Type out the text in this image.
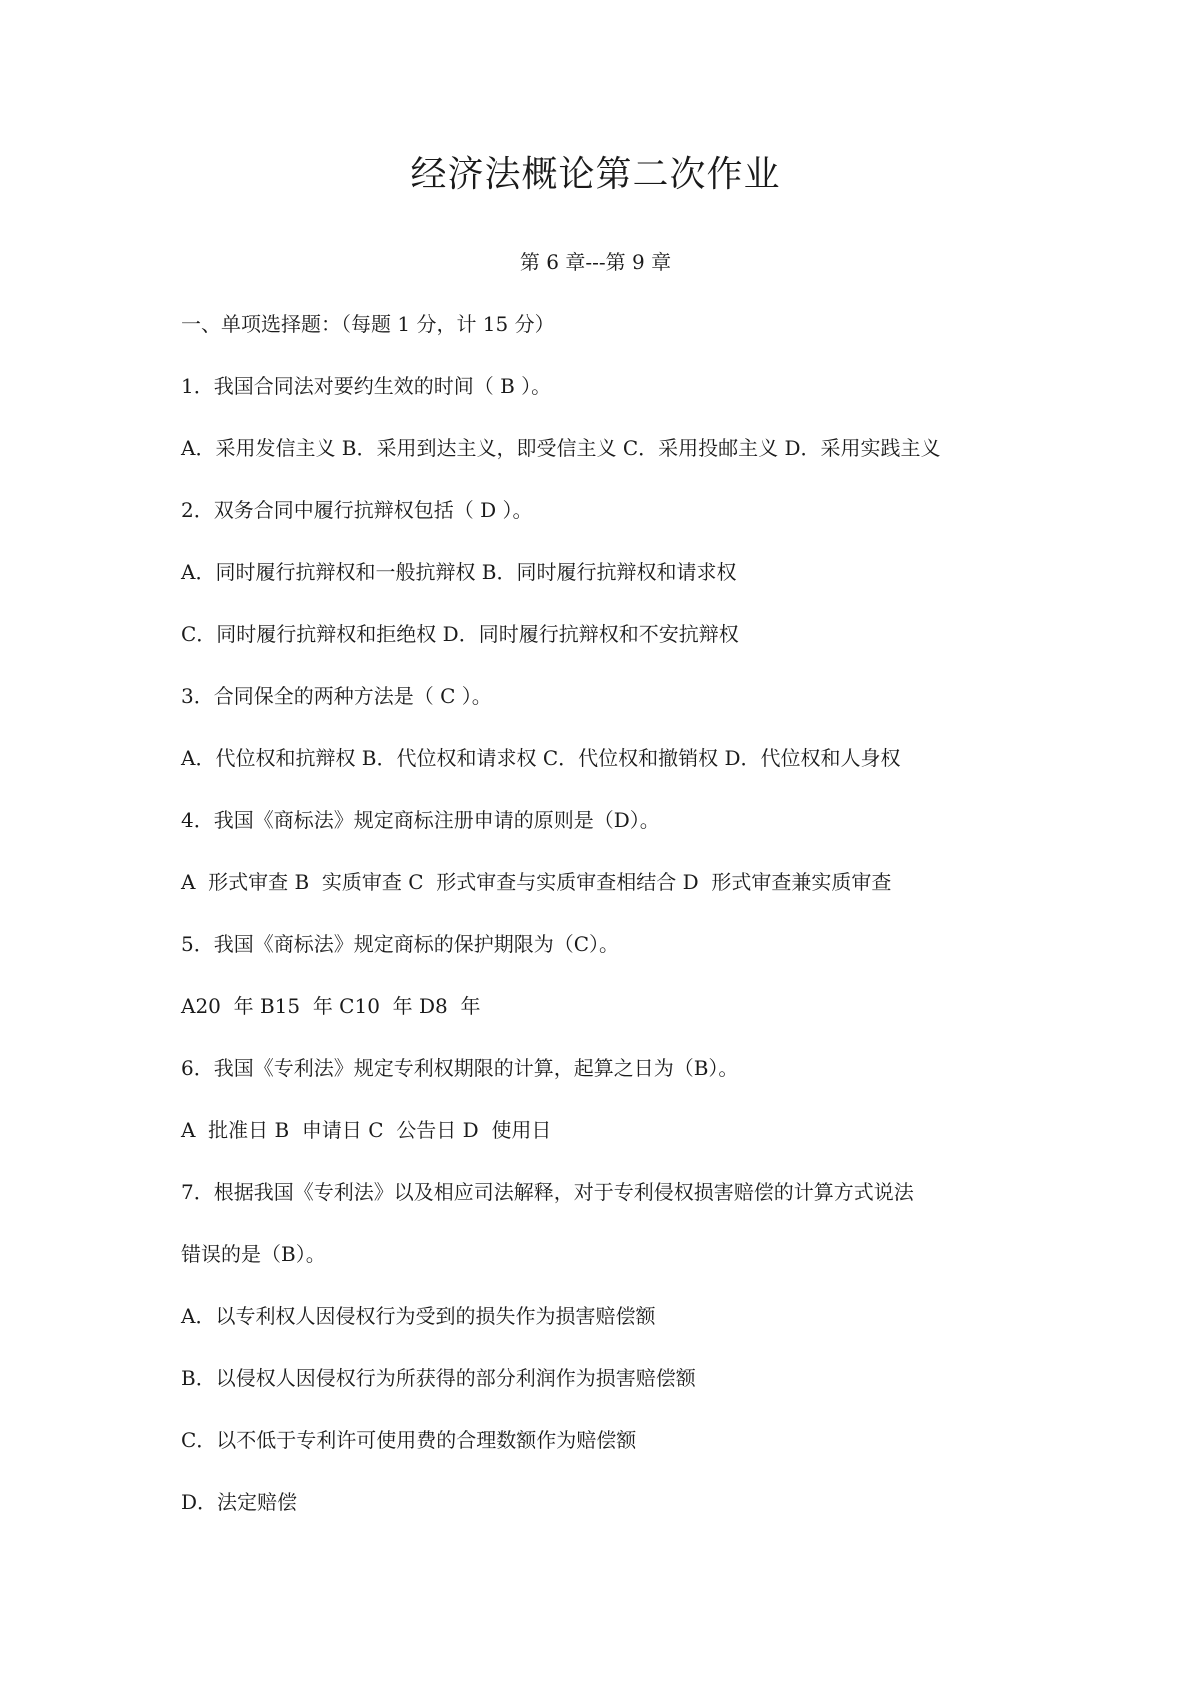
经济法概论第二次作业
第 6 章---第 9 章
一、单项选择题：（每题 1 分，计 15 分）
1．我国合同法对要约生效的时间（ B ）。
A．采用发信主义 B．采用到达主义，即受信主义 C．采用投邮主义 D．采用实践主义
2．双务合同中履行抗辩权包括（ D ）。
A．同时履行抗辩权和一般抗辩权 B．同时履行抗辩权和请求权
C．同时履行抗辩权和拒绝权 D．同时履行抗辩权和不安抗辩权
3．合同保全的两种方法是（ C ）。
A．代位权和抗辩权 B．代位权和请求权 C．代位权和撤销权 D．代位权和人身权
4．我国《商标法》规定商标注册申请的原则是（D）。
A  形式审查 B  实质审查 C  形式审查与实质审查相结合 D  形式审查兼实质审查
5．我国《商标法》规定商标的保护期限为（C）。
A20  年 B15  年 C10  年 D8  年
6．我国《专利法》规定专利权期限的计算，起算之日为（B）。
A  批准日 B  申请日 C  公告日 D  使用日
7．根据我国《专利法》以及相应司法解释，对于专利侵权损害赔偿的计算方式说法
错误的是（B）。
A．以专利权人因侵权行为受到的损失作为损害赔偿额
B．以侵权人因侵权行为所获得的部分利润作为损害赔偿额
C．以不低于专利许可使用费的合理数额作为赔偿额
D．法定赔偿
